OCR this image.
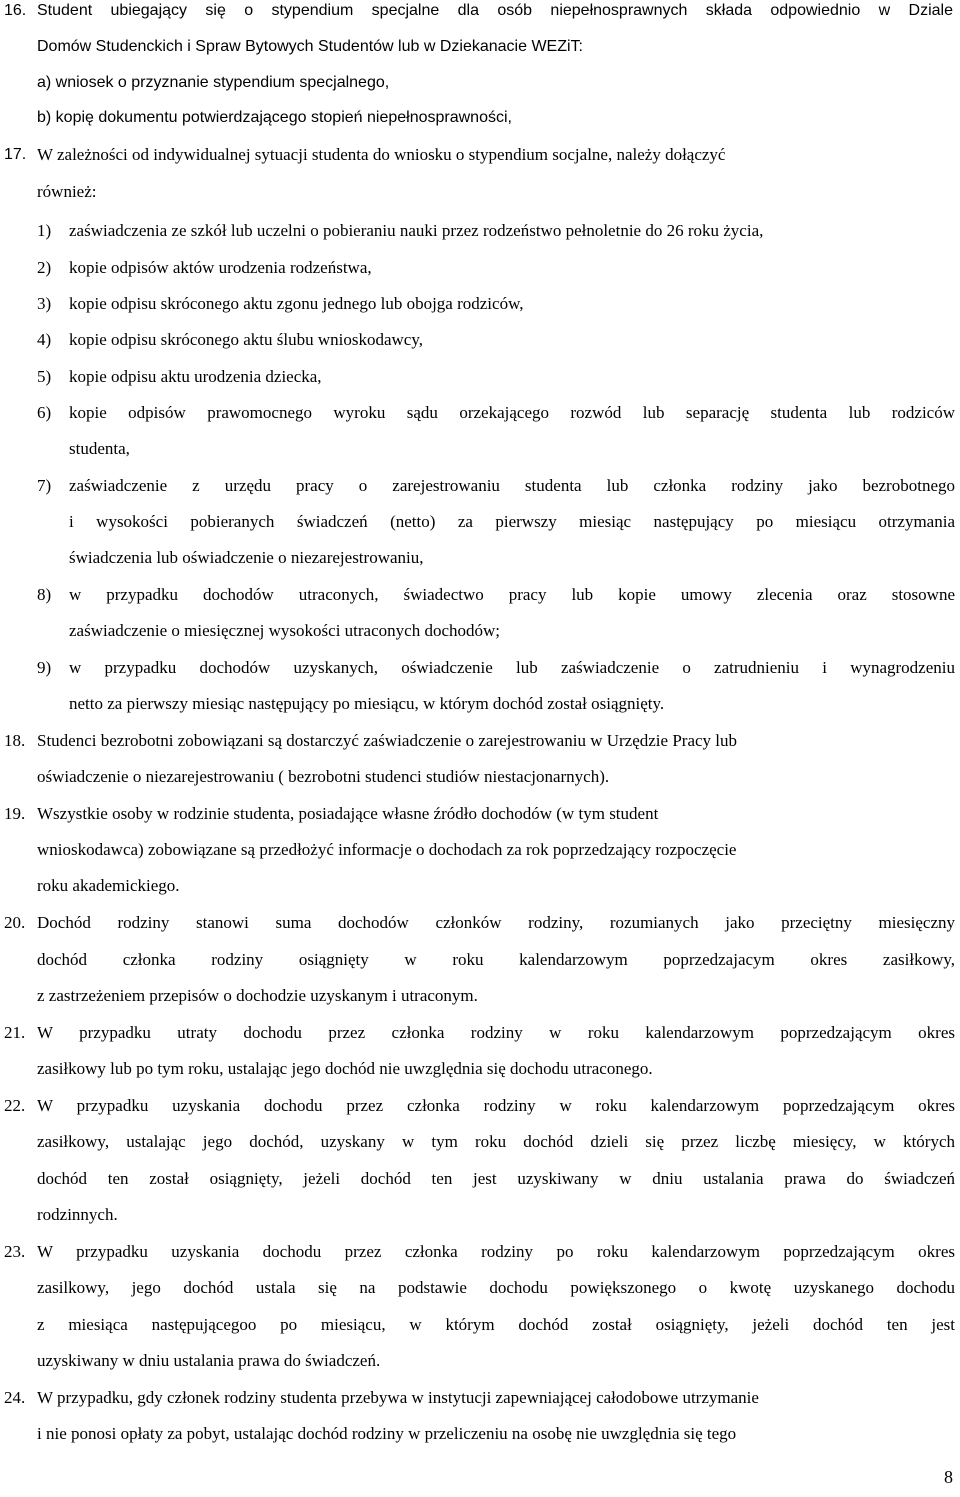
16. Student ubiegający się o stypendium specjalne dla osób niepełnosprawnych składa odpowiednio w Dziale
Domów Studenckich i Spraw Bytowych Studentów lub w Dziekanacie WEZiT:
a) wniosek o przyznanie stypendium specjalnego,
b) kopię dokumentu potwierdzającego stopień niepełnosprawności,
17. W zależności od indywidualnej sytuacji studenta do wniosku o stypendium socjalne, należy dołączyć
również:
1) zaświadczenia ze szkół lub uczelni o pobieraniu nauki przez rodzeństwo pełnoletnie do 26 roku życia,
2) kopie odpisów aktów urodzenia rodzeństwa,
3) kopie odpisu skróconego aktu zgonu jednego lub obojga rodziców,
4) kopie odpisu skróconego aktu ślubu wnioskodawcy,
5) kopie odpisu aktu urodzenia dziecka,
6) kopie odpisów prawomocnego wyroku sądu orzekającego rozwód lub separację studenta lub rodziców
studenta,
7) zaświadczenie z urzędu pracy o zarejestrowaniu studenta lub członka rodziny jako bezrobotnego
i wysokości pobieranych świadczeń (netto) za pierwszy miesiąc następujący po miesiącu otrzymania
świadczenia lub oświadczenie o niezarejestrowaniu,
8) w przypadku dochodów utraconych, świadectwo pracy lub kopie umowy zlecenia oraz stosowne
zaświadczenie o miesięcznej wysokości utraconych dochodów;
9) w przypadku dochodów uzyskanych, oświadczenie lub zaświadczenie o zatrudnieniu i wynagrodzeniu
netto za pierwszy miesiąc następujący po miesiącu, w którym dochód został osiągnięty.
18. Studenci bezrobotni zobowiązani są dostarczyć zaświadczenie o zarejestrowaniu w Urzędzie Pracy lub
oświadczenie o niezarejestrowaniu ( bezrobotni studenci studiów niestacjonarnych).
19. Wszystkie osoby w rodzinie studenta, posiadające własne źródło dochodów (w tym student
wnioskodawca) zobowiązane są przedłożyć informacje o dochodach za rok poprzedzający rozpoczęcie
roku akademickiego.
20. Dochód rodziny stanowi suma dochodów członków rodziny, rozumianych jako przeciętny miesięczny
dochód członka rodziny osiągnięty w roku kalendarzowym poprzedzajacym okres zasiłkowy,
z zastrzeżeniem przepisów o dochodzie uzyskanym i utraconym.
21. W przypadku utraty dochodu przez członka rodziny w roku kalendarzowym poprzedzającym okres
zasiłkowy lub po tym roku, ustalając jego dochód nie uwzględnia się dochodu utraconego.
22. W przypadku uzyskania dochodu przez członka rodziny w roku kalendarzowym poprzedzającym okres
zasiłkowy, ustalając jego dochód, uzyskany w tym roku dochód dzieli się przez liczbę miesięcy, w których
dochód ten został osiągnięty, jeżeli dochód ten jest uzyskiwany w dniu ustalania prawa do świadczeń
rodzinnych.
23. W przypadku uzyskania dochodu przez członka rodziny po roku kalendarzowym poprzedzającym okres
zasilkowy, jego dochód ustala się na podstawie dochodu powiększonego o kwotę uzyskanego dochodu
z miesiąca następującegoo po miesiącu, w którym dochód został osiągnięty, jeżeli dochód ten jest
uzyskiwany w dniu ustalania prawa do świadczeń.
24. W przypadku, gdy członek rodziny studenta przebywa w instytucji zapewniającej całodobowe utrzymanie
i nie ponosi opłaty za pobyt, ustalając dochód rodziny w przeliczeniu na osobę nie uwzględnia się tego
8
